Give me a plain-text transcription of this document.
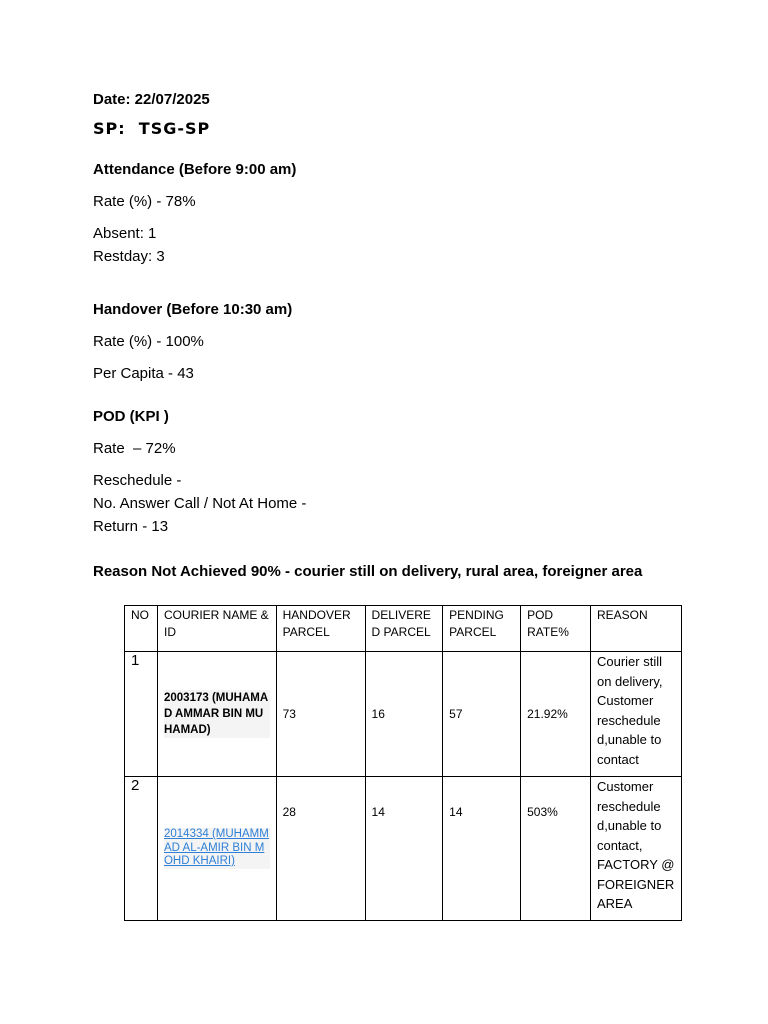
Date: 22/07/2025
SP:  TSG-SP
Attendance (Before 9:00 am)
Rate (%) - 78%
Absent: 1
Restday: 3
Handover (Before 10:30 am)
Rate (%) - 100%
Per Capita - 43
POD (KPI )
Rate  – 72%
Reschedule -
No. Answer Call / Not At Home -
Return - 13
Reason Not Achieved 90% - courier still on delivery, rural area, foreigner area
NO	COURIER NAME & ID	HANDOVER PARCEL	DELIVERED PARCEL	PENDING PARCEL	POD RATE%	REASON
1	2003173 (MUHAMAD AMMAR BIN MUHAMAD)	73	16	57	21.92%	Courier still on delivery, Customer reschedule d,unable to contact
2	2014334 (MUHAMMAD AL-AMIR BIN MOHD KHAIRI)	28	14	14	503%	Customer reschedule d,unable to contact, FACTORY @ FOREIGNER AREA
